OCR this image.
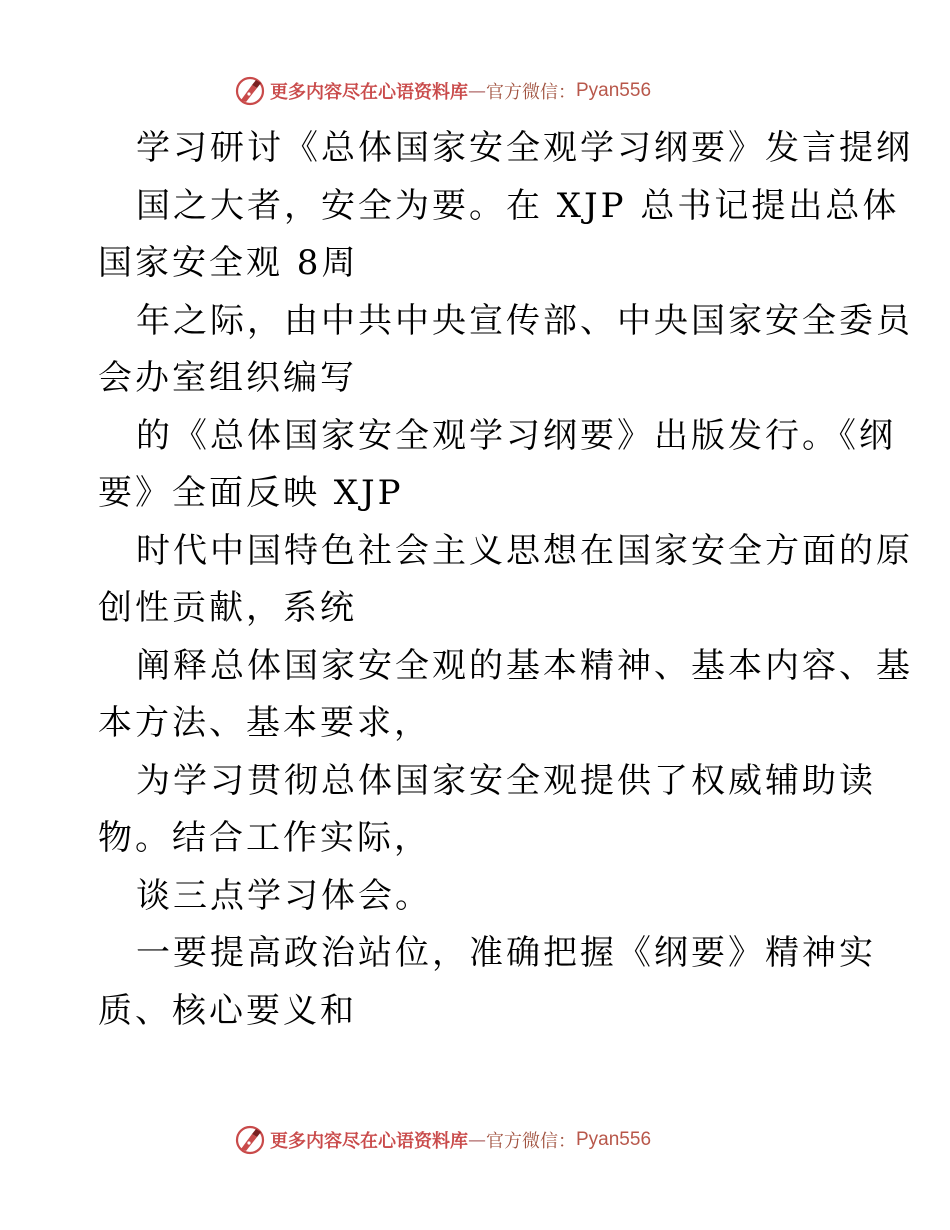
更多内容尽在心语资料库 — 官方微信： Pyan556
学习研讨《总体国家安全观学习纲要》发言提纲
国之大者，安全为要。在 XJP 总书记提出总体
国家安全观 8周
年之际，由中共中央宣传部、中央国家安全委员
会办室组织编写
的《总体国家安全观学习纲要》出版发行。《纲
要》全面反映 XJP
时代中国特色社会主义思想在国家安全方面的原
创性贡献，系统
阐释总体国家安全观的基本精神、基本内容、基
本方法、基本要求，
为学习贯彻总体国家安全观提供了权威辅助读
物。结合工作实际，
谈三点学习体会。
一要提高政治站位，准确把握《纲要》精神实
质、核心要义和
更多内容尽在心语资料库 — 官方微信： Pyan556
